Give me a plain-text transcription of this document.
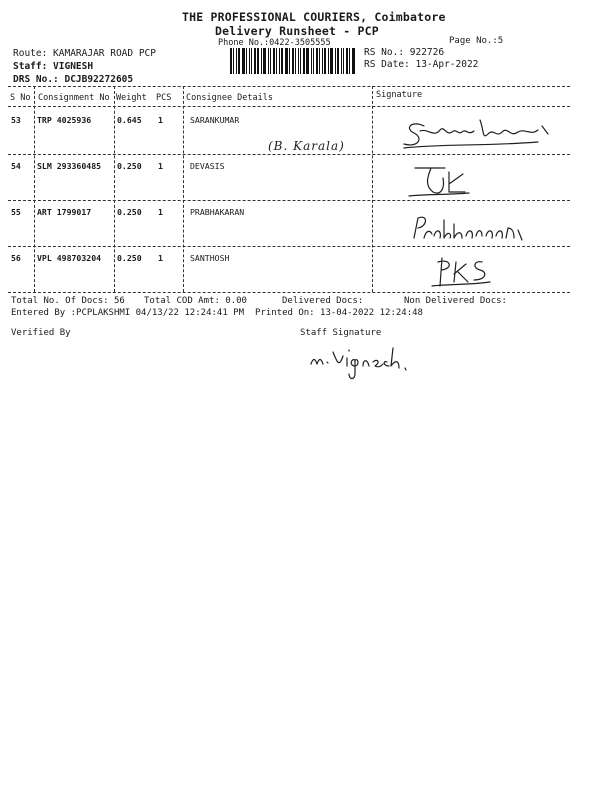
THE PROFESSIONAL COURIERS, Coimbatore
Delivery Runsheet - PCP
Phone No.:0422-3505555	Page No.:5
Route: KAMARAJAR ROAD PCP
Staff: VIGNESH
DRS No.: DCJB92272605
RS No.: 922726
RS Date: 13-Apr-2022
S No Consignment No Weight PCS Consignee Details	Signature
53 TRP 4025936	0.645 1	SARANKUMAR
(B. Karala)
54 SLM 293360485 0.250 1	DEVASIS
55 ART 1799017	0.250 1	PRABHAKARAN
56 VPL 498703204 0.250 1	SANTHOSH
Total No. Of Docs: 56 Total COD Amt: 0.00	Delivered Docs:	Non Delivered Docs:
Entered By :PCPLAKSHMI 04/13/22 12:24:41 PM Printed On: 13-04-2022 12:24:48
Verified By	Staff Signature
